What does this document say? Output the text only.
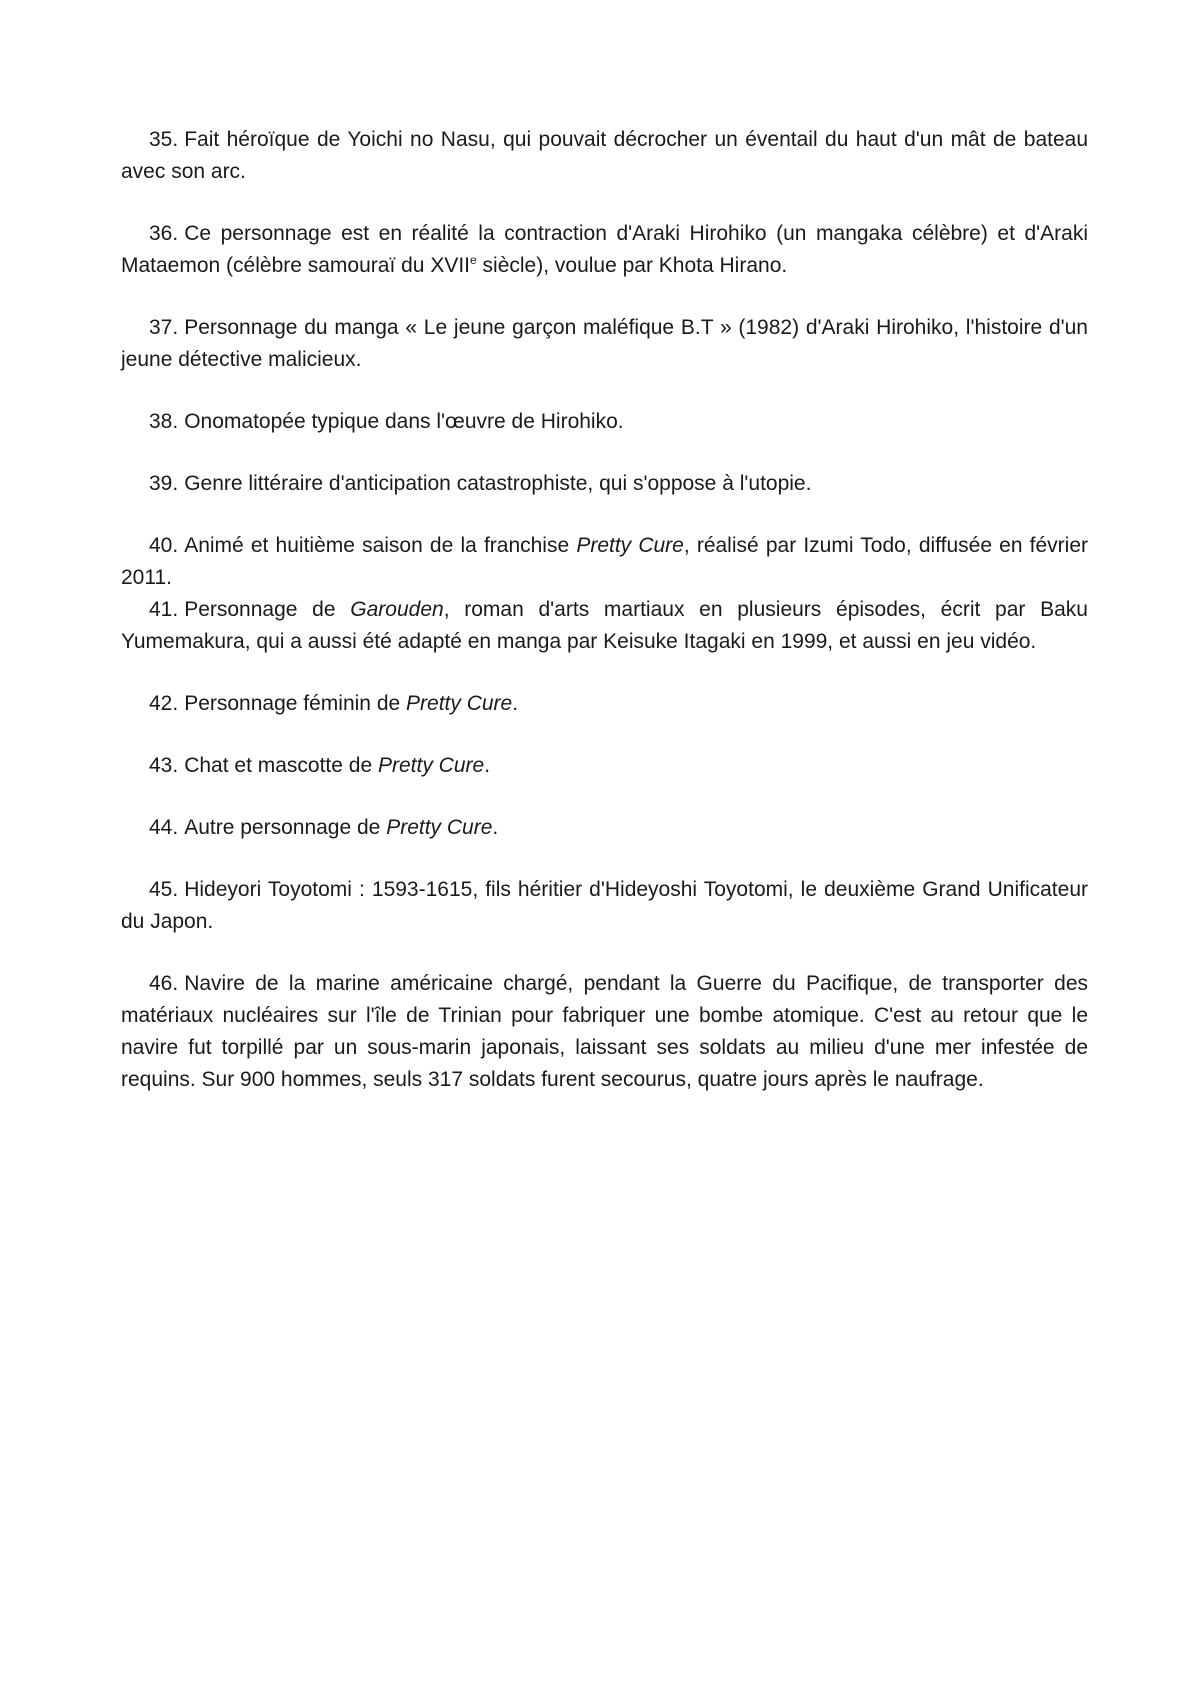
35. Fait héroïque de Yoichi no Nasu, qui pouvait décrocher un éventail du haut d'un mât de bateau avec son arc.
36. Ce personnage est en réalité la contraction d'Araki Hirohiko (un mangaka célèbre) et d'Araki Mataemon (célèbre samouraï du XVIIe siècle), voulue par Khota Hirano.
37. Personnage du manga « Le jeune garçon maléfique B.T » (1982) d'Araki Hirohiko, l'histoire d'un jeune détective malicieux.
38. Onomatopée typique dans l'œuvre de Hirohiko.
39. Genre littéraire d'anticipation catastrophiste, qui s'oppose à l'utopie.
40. Animé et huitième saison de la franchise Pretty Cure, réalisé par Izumi Todo, diffusée en février 2011.
41. Personnage de Garouden, roman d'arts martiaux en plusieurs épisodes, écrit par Baku Yumemakura, qui a aussi été adapté en manga par Keisuke Itagaki en 1999, et aussi en jeu vidéo.
42. Personnage féminin de Pretty Cure.
43. Chat et mascotte de Pretty Cure.
44. Autre personnage de Pretty Cure.
45. Hideyori Toyotomi : 1593-1615, fils héritier d'Hideyoshi Toyotomi, le deuxième Grand Unificateur du Japon.
46. Navire de la marine américaine chargé, pendant la Guerre du Pacifique, de transporter des matériaux nucléaires sur l'île de Trinian pour fabriquer une bombe atomique. C'est au retour que le navire fut torpillé par un sous-marin japonais, laissant ses soldats au milieu d'une mer infestée de requins. Sur 900 hommes, seuls 317 soldats furent secourus, quatre jours après le naufrage.
